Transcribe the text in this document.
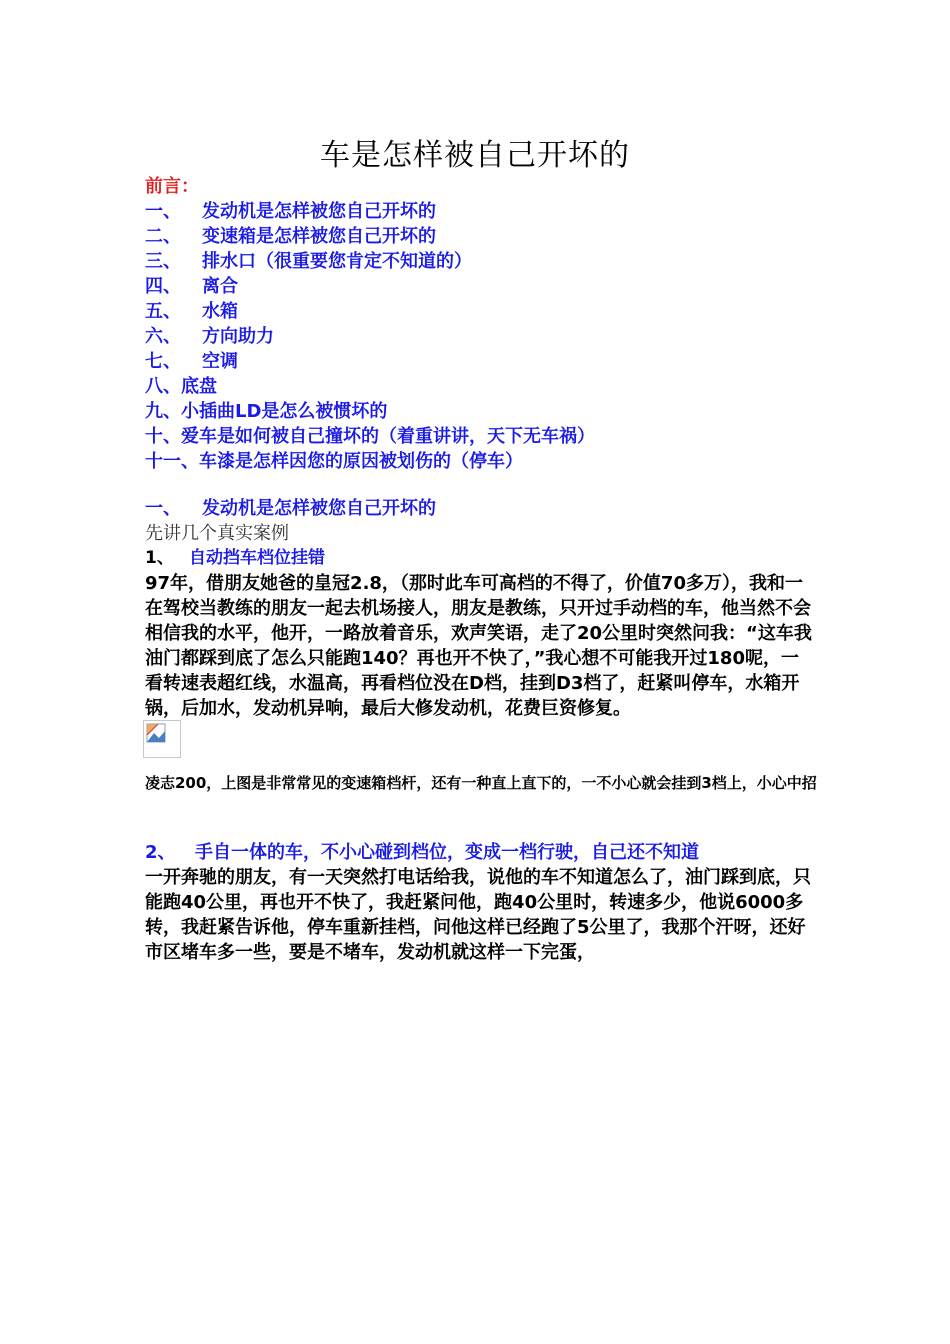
车是怎样被自己开坏的
前言：
一、 发动机是怎样被您自己开坏的
二、 变速箱是怎样被您自己开坏的
三、 排水口（很重要您肯定不知道的）
四、 离合
五、 水箱
六、 方向助力
七、 空调
八、底盘
九、小插曲LD是怎么被惯坏的
十、爱车是如何被自己撞坏的（着重讲讲，天下无车祸）
十一、车漆是怎样因您的原因被划伤的（停车）
一、 发动机是怎样被您自己开坏的
先讲几个真实案例
1、 自动挡车档位挂错

97年，借朋友她爸的皇冠2.8，（那时此车可高档的不得了，价值70多万），我和一在驾校当教练的朋友一起去机场接人，朋友是教练，只开过手动档的车，他当然不会相信我的水平，他开，一路放着音乐，欢声笑语，走了20公里时突然问我：“这车我油门都踩到底了怎么只能跑140？再也开不快了，”我心想不可能我开过180呢，一看转速表超红线，水温高，再看档位没在D档，挂到D3档了，赶紧叫停车，水箱开锅，后加水，发动机异响，最后大修发动机，花费巨资修复。

凌志200，上图是非常常见的变速箱档杆，还有一种直上直下的，一不小心就会挂到3档上，小心中招

2、 手自一体的车，不小心碰到档位，变成一档行驶，自己还不知道

一开奔驰的朋友，有一天突然打电话给我，说他的车不知道怎么了，油门踩到底，只能跑40公里，再也开不快了，我赶紧问他，跑40公里时，转速多少，他说6000多转，我赶紧告诉他，停车重新挂档，问他这样已经跑了5公里了，我那个汗呀，还好市区堵车多一些，要是不堵车，发动机就这样一下完蛋，
